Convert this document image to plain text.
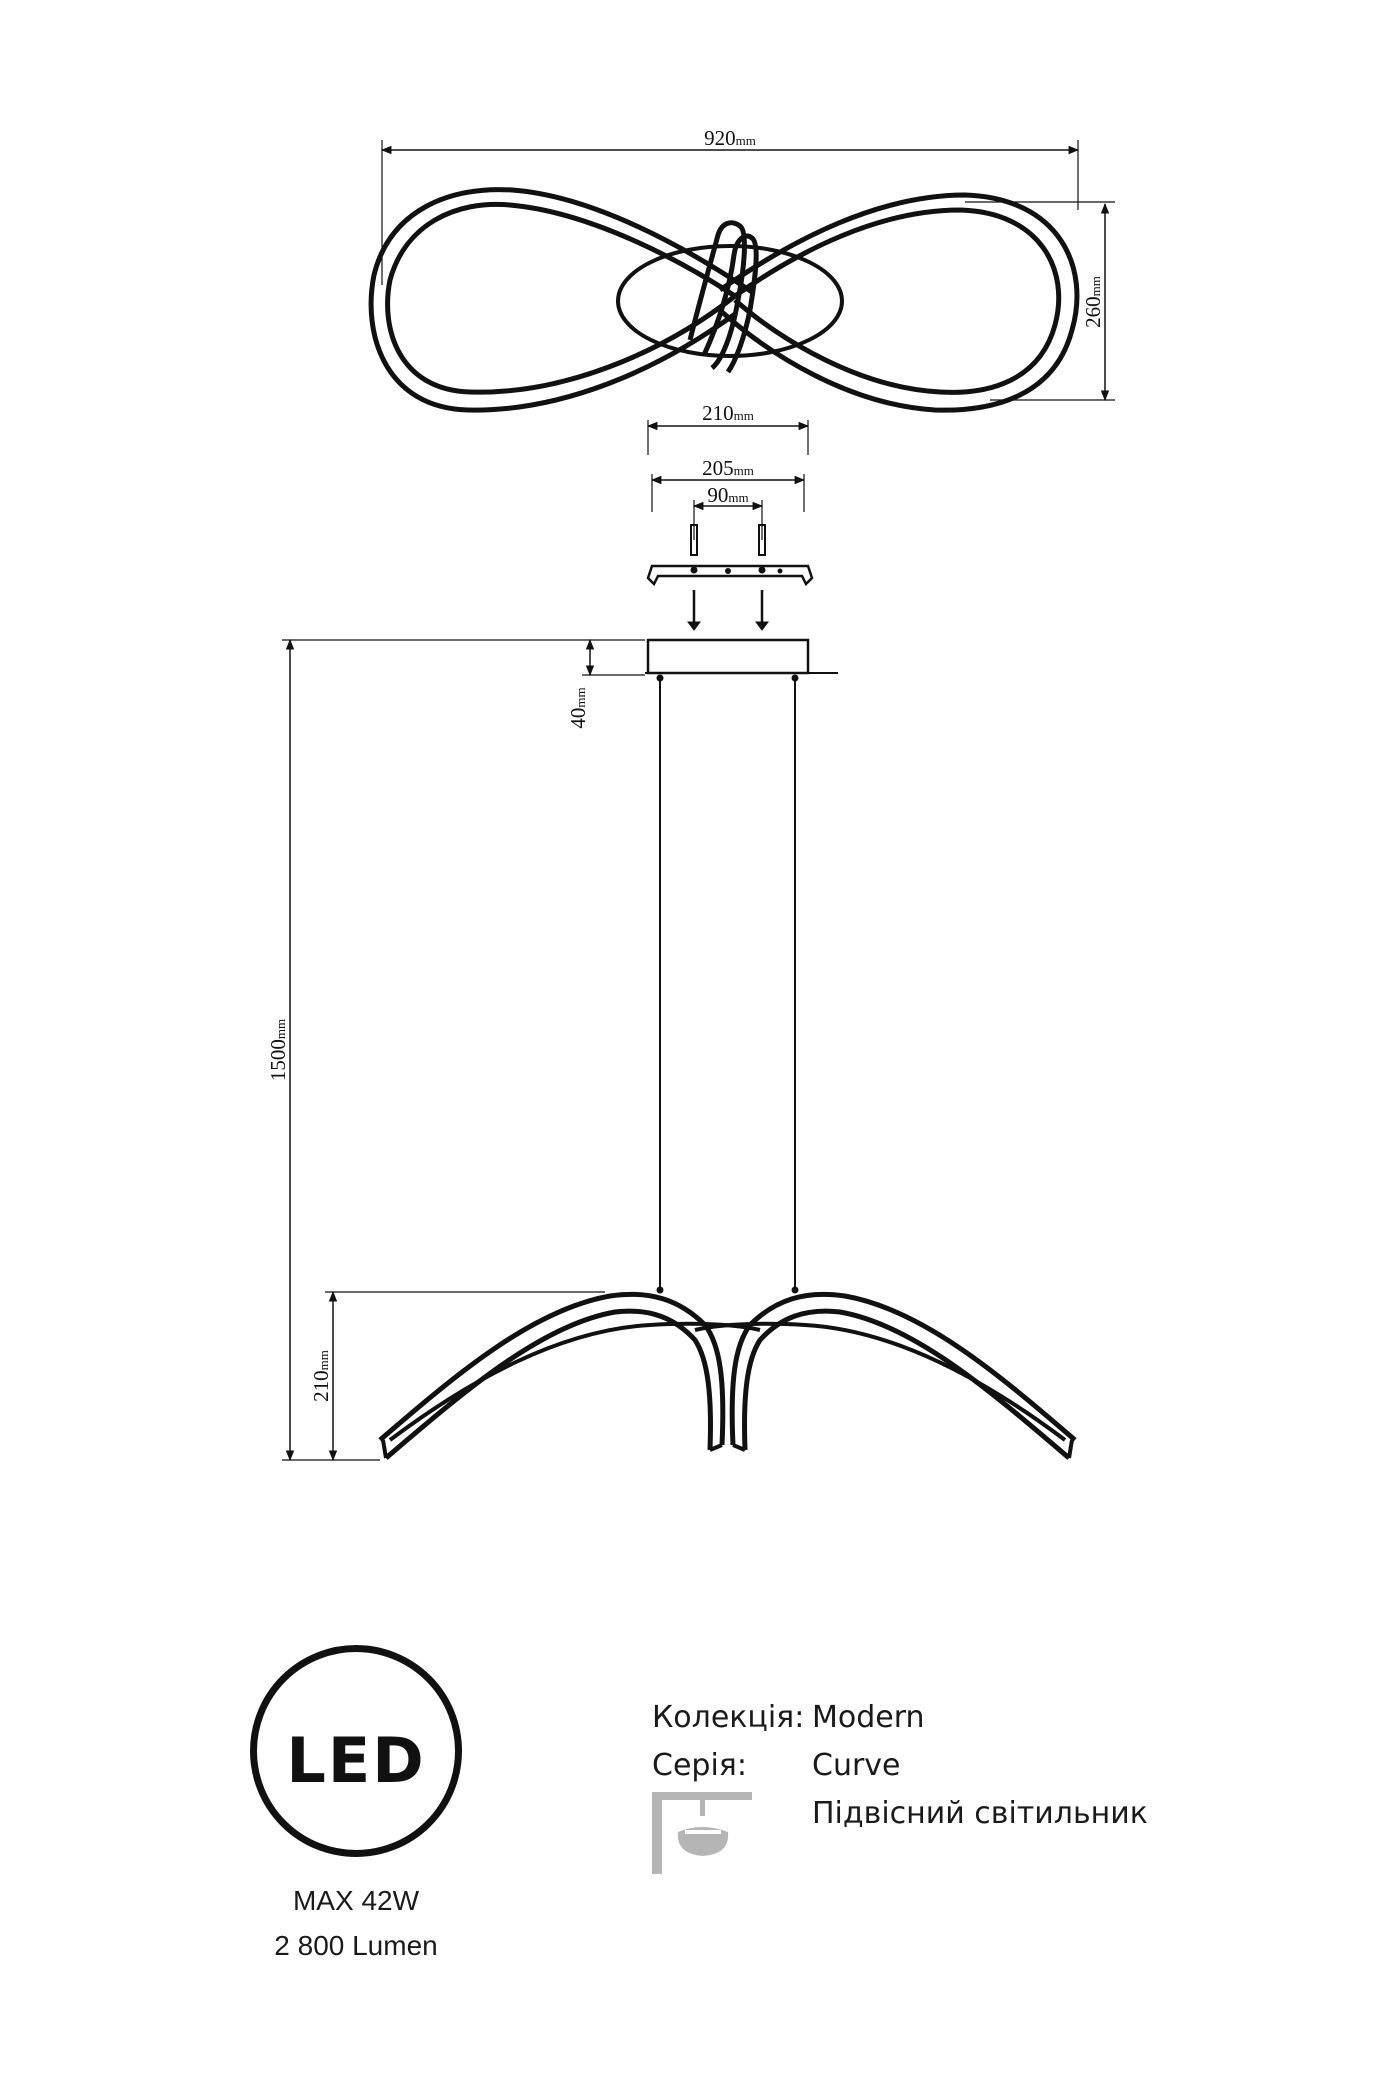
920mm
260mm
210mm
205mm
90mm
40mm
1500mm
210mm
LED
MAX 42W
2 800 Lumen
Колекція: Modern
Серія: Curve
Підвісний світильник
